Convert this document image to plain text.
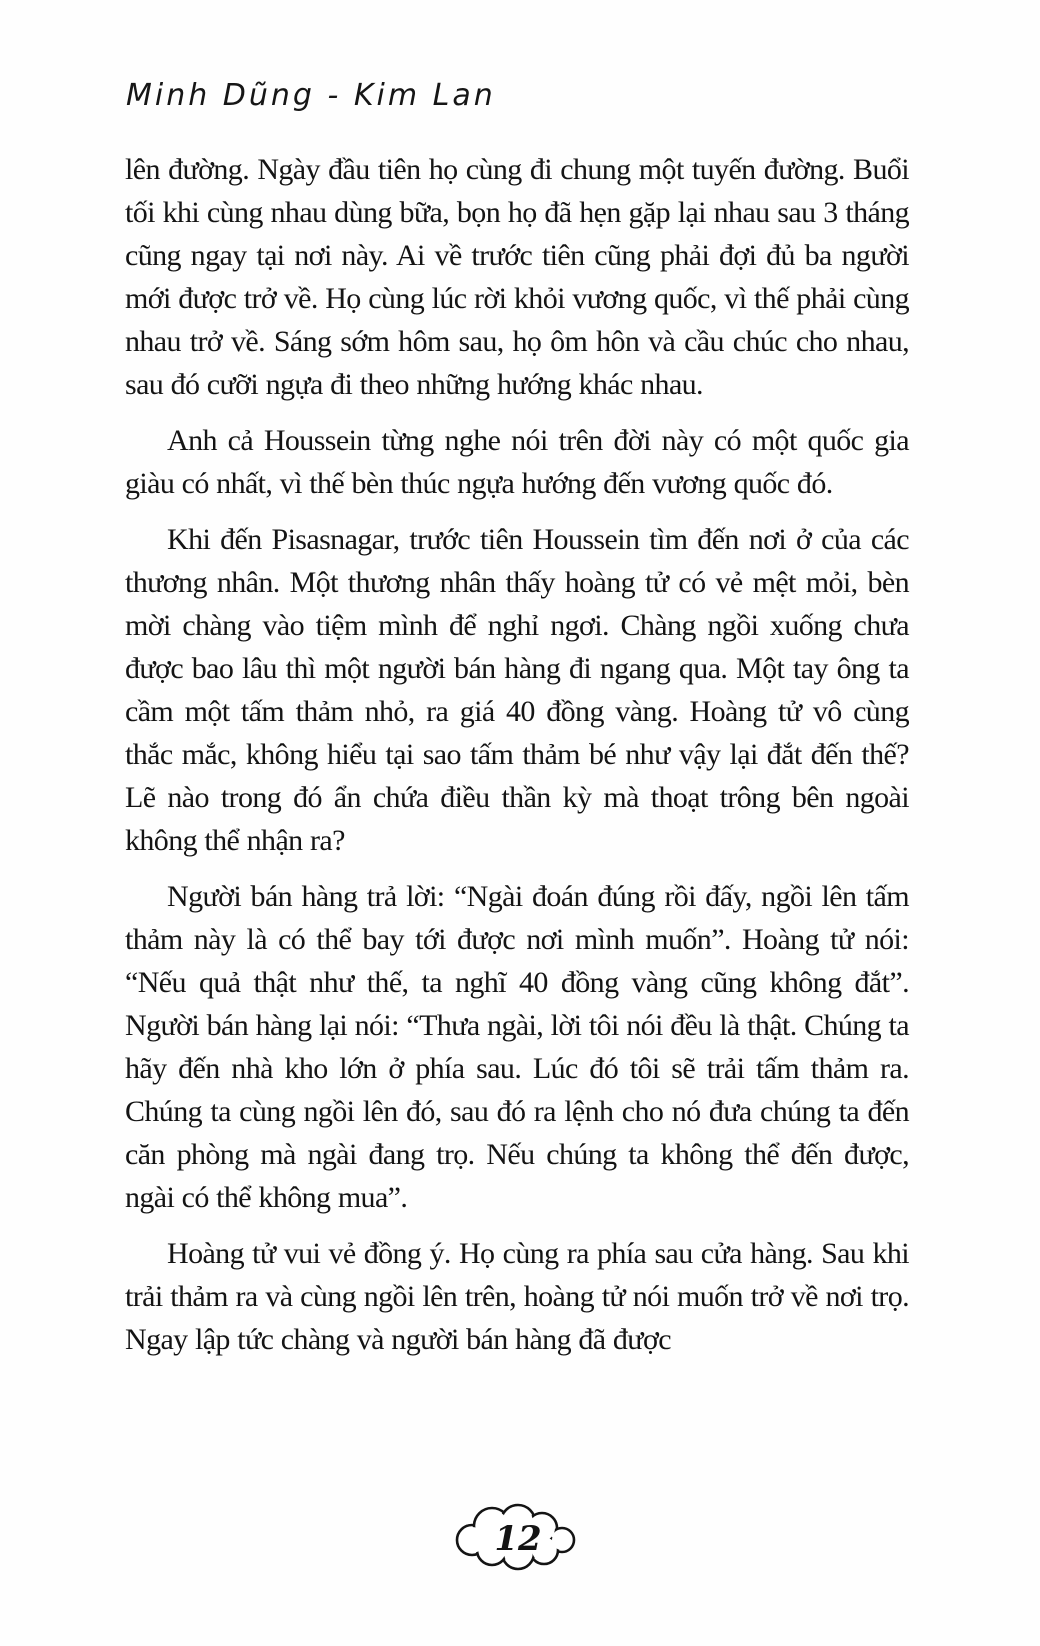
Minh Dũng - Kim Lan

lên đường. Ngày đầu tiên họ cùng đi chung một tuyến đường. Buổi tối khi cùng nhau dùng bữa, bọn họ đã hẹn gặp lại nhau sau 3 tháng cũng ngay tại nơi này. Ai về trước tiên cũng phải đợi đủ ba người mới được trở về. Họ cùng lúc rời khỏi vương quốc, vì thế phải cùng nhau trở về. Sáng sớm hôm sau, họ ôm hôn và cầu chúc cho nhau, sau đó cưỡi ngựa đi theo những hướng khác nhau.

Anh cả Houssein từng nghe nói trên đời này có một quốc gia giàu có nhất, vì thế bèn thúc ngựa hướng đến vương quốc đó.

Khi đến Pisasnagar, trước tiên Houssein tìm đến nơi ở của các thương nhân. Một thương nhân thấy hoàng tử có vẻ mệt mỏi, bèn mời chàng vào tiệm mình để nghỉ ngơi. Chàng ngồi xuống chưa được bao lâu thì một người bán hàng đi ngang qua. Một tay ông ta cầm một tấm thảm nhỏ, ra giá 40 đồng vàng. Hoàng tử vô cùng thắc mắc, không hiểu tại sao tấm thảm bé như vậy lại đắt đến thế? Lẽ nào trong đó ẩn chứa điều thần kỳ mà thoạt trông bên ngoài không thể nhận ra?

Người bán hàng trả lời: “Ngài đoán đúng rồi đấy, ngồi lên tấm thảm này là có thể bay tới được nơi mình muốn”. Hoàng tử nói: “Nếu quả thật như thế, ta nghĩ 40 đồng vàng cũng không đắt”. Người bán hàng lại nói: “Thưa ngài, lời tôi nói đều là thật. Chúng ta hãy đến nhà kho lớn ở phía sau. Lúc đó tôi sẽ trải tấm thảm ra. Chúng ta cùng ngồi lên đó, sau đó ra lệnh cho nó đưa chúng ta đến căn phòng mà ngài đang trọ. Nếu chúng ta không thể đến được, ngài có thể không mua”.

Hoàng tử vui vẻ đồng ý. Họ cùng ra phía sau cửa hàng. Sau khi trải thảm ra và cùng ngồi lên trên, hoàng tử nói muốn trở về nơi trọ. Ngay lập tức chàng và người bán hàng đã được

12
